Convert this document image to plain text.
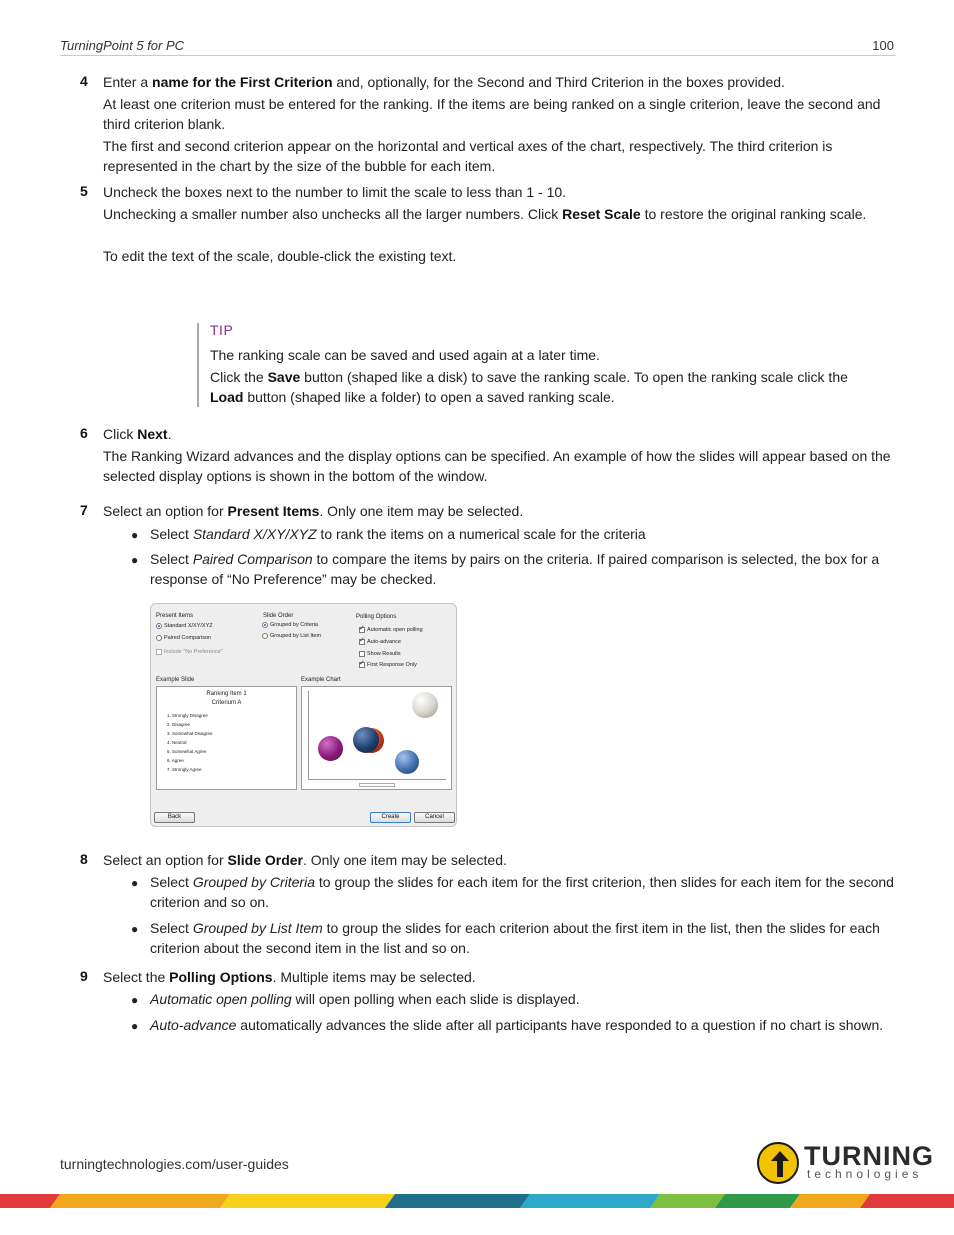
TurningPoint 5 for PC	100
4 Enter a name for the First Criterion and, optionally, for the Second and Third Criterion in the boxes provided.
At least one criterion must be entered for the ranking. If the items are being ranked on a single criterion, leave the second and third criterion blank.
The first and second criterion appear on the horizontal and vertical axes of the chart, respectively. The third criterion is represented in the chart by the size of the bubble for each item.
5 Uncheck the boxes next to the number to limit the scale to less than 1 - 10.
Unchecking a smaller number also unchecks all the larger numbers. Click Reset Scale to restore the original ranking scale.
To edit the text of the scale, double-click the existing text.
TIP
The ranking scale can be saved and used again at a later time.
Click the Save button (shaped like a disk) to save the ranking scale. To open the ranking scale click the Load button (shaped like a folder) to open a saved ranking scale.
6 Click Next.
The Ranking Wizard advances and the display options can be specified. An example of how the slides will appear based on the selected display options is shown in the bottom of the window.
7 Select an option for Present Items. Only one item may be selected.
● Select Standard X/XY/XYZ to rank the items on a numerical scale for the criteria
● Select Paired Comparison to compare the items by pairs on the criteria. If paired comparison is selected, the box for a response of “No Preference” may be checked.
Present Items
Standard X/XY/XYZ
Paired Comparison
Include "No Preference"
Slide Order
Grouped by Criteria
Grouped by List Item
Polling Options
✓
Automatic open polling
✓
Auto-advance
Show Results
✓
First Response Only
Example Slide
Ranking Item 1
Criterium A
1. Strongly Disagree
2. Disagree
3. Somewhat Disagree
4. Neutral
5. Somewhat Agree
6. Agree
7. Strongly Agree
Example Chart
Back	Create	Cancel
8 Select an option for Slide Order. Only one item may be selected.
● Select Grouped by Criteria to group the slides for each item for the first criterion, then slides for each item for the second criterion and so on.
● Select Grouped by List Item to group the slides for each criterion about the first item in the list, then the slides for each criterion about the second item in the list and so on.
9 Select the Polling Options. Multiple items may be selected.
● Automatic open polling will open polling when each slide is displayed.
● Auto-advance automatically advances the slide after all participants have responded to a question if no chart is shown.
turningtechnologies.com/user-guides	TURNING
technologies
